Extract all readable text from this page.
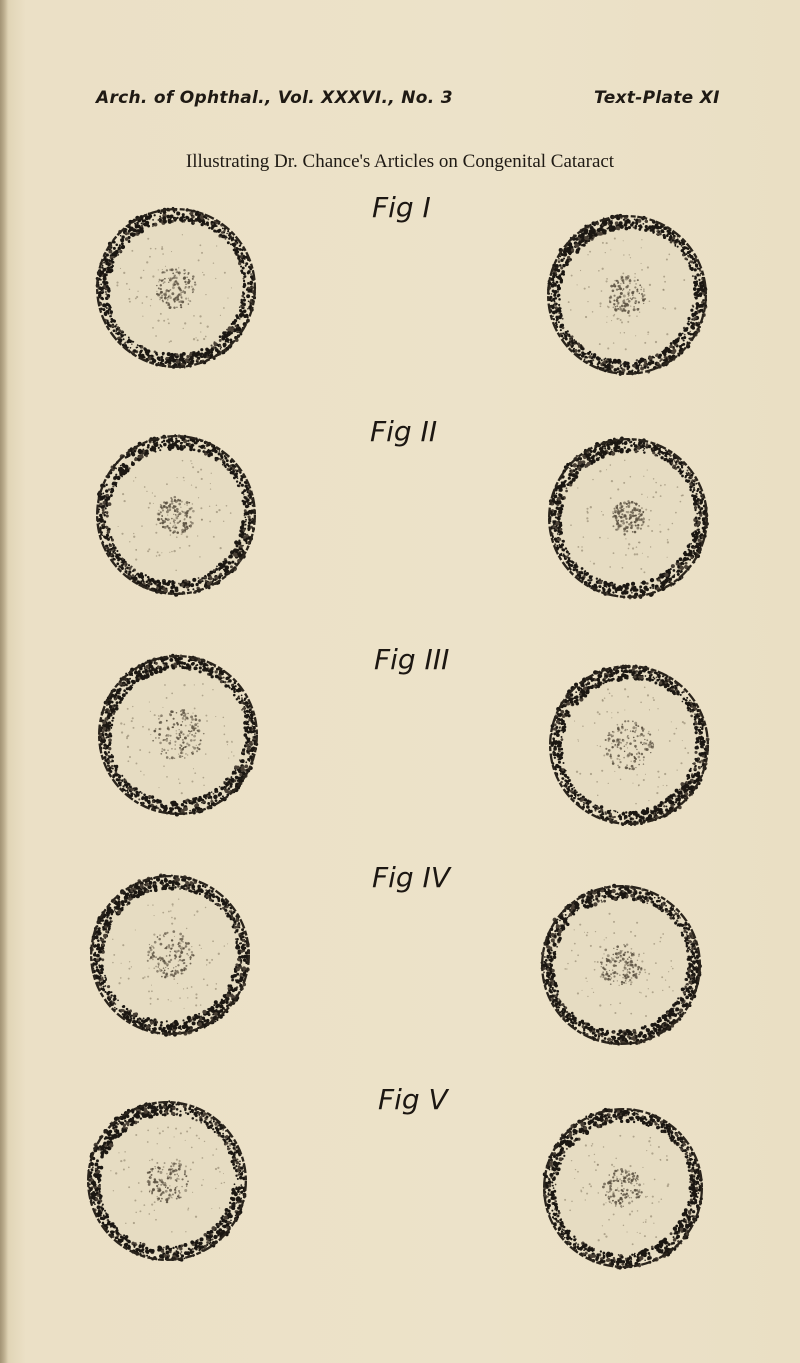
Arch. of Ophthal., Vol. XXXVI., No. 3	Text-Plate XI
Illustrating Dr. Chance's Articles on Congenital Cataract
Fig I
Fig II
Fig III
Fig IV
Fig V
